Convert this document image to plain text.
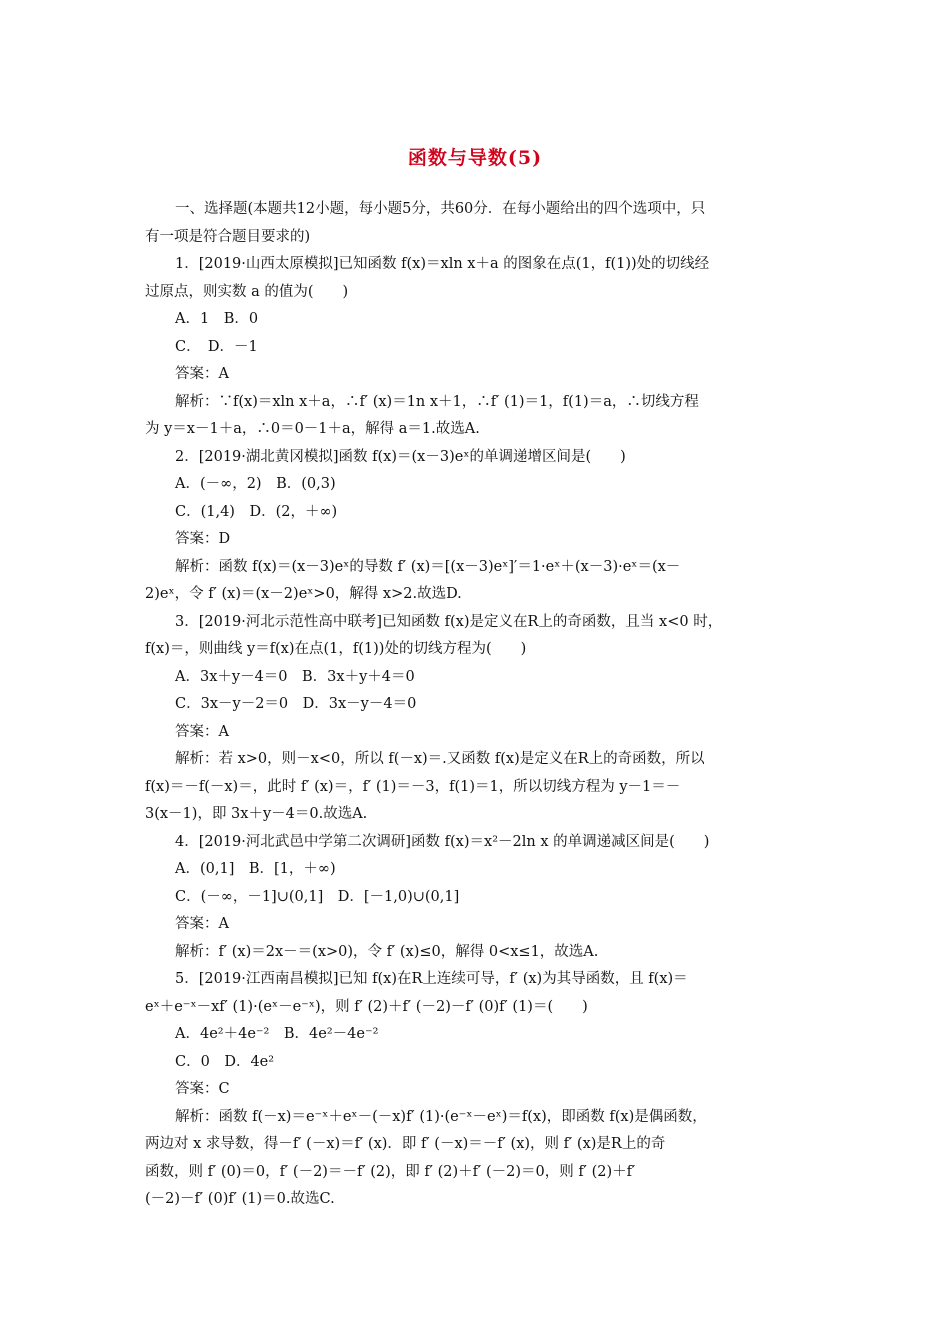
函数与导数(5)

一、选择题(本题共12小题，每小题5分，共60分．在每小题给出的四个选项中，只

有一项是符合题目要求的)

1．[2019·山西太原模拟]已知函数 f(x)＝xln x＋a 的图象在点(1，f(1))处的切线经

过原点，则实数 a 的值为(　　)

A．1　B．0

C．　D．－1

答案：A

解析：∵f(x)＝xln x＋a，∴f′ (x)＝1n x＋1，∴f′ (1)＝1，f(1)＝a，∴切线方程

为 y＝x－1＋a，∴0＝0－1＋a，解得 a＝1.故选A.

2．[2019·湖北黄冈模拟]函数 f(x)＝(x－3)eˣ的单调递增区间是(　　)

A．(－∞，2)　B．(0,3)

C．(1,4)　D．(2，＋∞)

答案：D

解析：函数 f(x)＝(x－3)eˣ的导数 f′ (x)＝[(x－3)eˣ]′＝1·eˣ＋(x－3)·eˣ＝(x－

2)eˣ，令 f′ (x)＝(x－2)eˣ>0，解得 x>2.故选D.

3．[2019·河北示范性高中联考]已知函数 f(x)是定义在R上的奇函数，且当 x<0 时，

f(x)＝，则曲线 y＝f(x)在点(1，f(1))处的切线方程为(　　)

A．3x＋y－4＝0　B．3x＋y＋4＝0

C．3x－y－2＝0　D．3x－y－4＝0

答案：A

解析：若 x>0，则－x<0，所以 f(－x)＝.又函数 f(x)是定义在R上的奇函数，所以

f(x)＝－f(－x)＝，此时 f′ (x)＝，f′ (1)＝－3，f(1)＝1，所以切线方程为 y－1＝－

3(x－1)，即 3x＋y－4＝0.故选A.

4．[2019·河北武邑中学第二次调研]函数 f(x)＝x²－2ln x 的单调递减区间是(　　)

A．(0,1]　B．[1，＋∞)

C．(－∞，－1]∪(0,1]　D．[－1,0)∪(0,1]

答案：A

解析：f′ (x)＝2x－＝(x>0)，令 f′ (x)≤0，解得 0<x≤1，故选A.

5．[2019·江西南昌模拟]已知 f(x)在R上连续可导，f′ (x)为其导函数，且 f(x)＝

eˣ＋e⁻ˣ－xf′ (1)·(eˣ－e⁻ˣ)，则 f′ (2)＋f′ (－2)－f′ (0)f′ (1)＝(　　)

A．4e²＋4e⁻²　B．4e²－4e⁻²

C．0　D．4e²

答案：C

解析：函数 f(－x)＝e⁻ˣ＋eˣ－(－x)f′ (1)·(e⁻ˣ－eˣ)＝f(x)，即函数 f(x)是偶函数，

两边对 x 求导数，得－f′ (－x)＝f′ (x)．即 f′ (－x)＝－f′ (x)，则 f′ (x)是R上的奇

函数，则 f′ (0)＝0，f′ (－2)＝－f′ (2)，即 f′ (2)＋f′ (－2)＝0，则 f′ (2)＋f′

(－2)－f′ (0)f′ (1)＝0.故选C.
